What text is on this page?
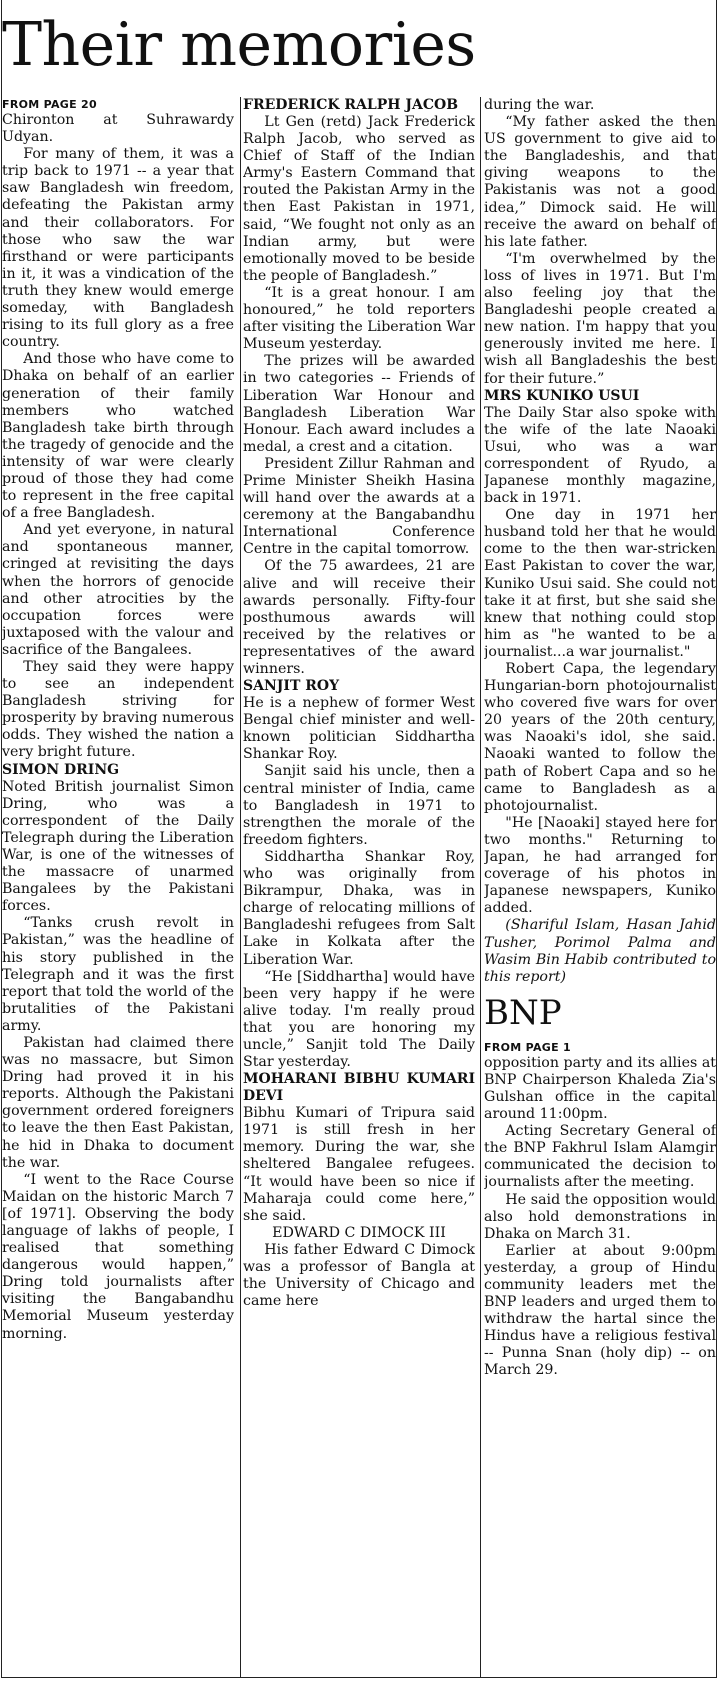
Their memories
FROM PAGE 20

Chironton at Suhrawardy Udyan.

For many of them, it was a trip back to 1971 -- a year that saw Bangladesh win freedom, defeating the Pakistan army and their collaborators. For those who saw the war firsthand or were participants in it, it was a vindication of the truth they knew would emerge someday, with Bangladesh rising to its full glory as a free country.

And those who have come to Dhaka on behalf of an earlier generation of their family members who watched Bangladesh take birth through the tragedy of genocide and the intensity of war were clearly proud of those they had come to represent in the free capital of a free Bangladesh.

And yet everyone, in natural and spontaneous manner, cringed at revisiting the days when the horrors of genocide and other atrocities by the occupation forces were juxtaposed with the valour and sacrifice of the Bangalees.

They said they were happy to see an independent Bangladesh striving for prosperity by braving numerous odds. They wished the nation a very bright future.

SIMON DRING

Noted British journalist Simon Dring, who was a correspondent of the Daily Telegraph during the Liberation War, is one of the witnesses of the massacre of unarmed Bangalees by the Pakistani forces.

“Tanks crush revolt in Pakistan,” was the headline of his story published in the Telegraph and it was the first report that told the world of the brutalities of the Pakistani army.

Pakistan had claimed there was no massacre, but Simon Dring had proved it in his reports. Although the Pakistani government ordered foreigners to leave the then East Pakistan, he hid in Dhaka to document the war.

“I went to the Race Course Maidan on the historic March 7 [of 1971]. Observing the body language of lakhs of people, I realised that something dangerous would happen,” Dring told journalists after visiting the Bangabandhu Memorial Museum yesterday morning.

FREDERICK RALPH JACOB

Lt Gen (retd) Jack Frederick Ralph Jacob, who served as Chief of Staff of the Indian Army's Eastern Command that routed the Pakistan Army in the then East Pakistan in 1971, said, “We fought not only as an Indian army, but were emotionally moved to be beside the people of Bangladesh.”

“It is a great honour. I am honoured,” he told reporters after visiting the Liberation War Museum yesterday.

The prizes will be awarded in two categories -- Friends of Liberation War Honour and Bangladesh Liberation War Honour. Each award includes a medal, a crest and a citation.

President Zillur Rahman and Prime Minister Sheikh Hasina will hand over the awards at a ceremony at the Bangabandhu International Conference Centre in the capital tomorrow.

Of the 75 awardees, 21 are alive and will receive their awards personally. Fifty-four posthumous awards will received by the relatives or representatives of the award winners.

SANJIT ROY

He is a nephew of former West Bengal chief minister and well-known politician Siddhartha Shankar Roy.

Sanjit said his uncle, then a central minister of India, came to Bangladesh in 1971 to strengthen the morale of the freedom fighters.

Siddhartha Shankar Roy, who was originally from Bikrampur, Dhaka, was in charge of relocating millions of Bangladeshi refugees from Salt Lake in Kolkata after the Liberation War.

“He [Siddhartha] would have been very happy if he were alive today. I'm really proud that you are honoring my uncle,” Sanjit told The Daily Star yesterday.

MOHARANI BIBHU KUMARI DEVI

Bibhu Kumari of Tripura said 1971 is still fresh in her memory. During the war, she sheltered Bangalee refugees. “It would have been so nice if Maharaja could come here,” she said.

EDWARD C DIMOCK III

His father Edward C Dimock was a professor of Bangla at the University of Chicago and came here

during the war.

“My father asked the then US government to give aid to the Bangladeshis, and that giving weapons to the Pakistanis was not a good idea,” Dimock said. He will receive the award on behalf of his late father.

“I'm overwhelmed by the loss of lives in 1971. But I'm also feeling joy that the Bangladeshi people created a new nation. I'm happy that you generously invited me here. I wish all Bangladeshis the best for their future.”

MRS KUNIKO USUI

The Daily Star also spoke with the wife of the late Naoaki Usui, who was a war correspondent of Ryudo, a Japanese monthly magazine, back in 1971.

One day in 1971 her husband told her that he would come to the then war-stricken East Pakistan to cover the war, Kuniko Usui said. She could not take it at first, but she said she knew that nothing could stop him as "he wanted to be a journalist...a war journalist."

Robert Capa, the legendary Hungarian-born photojournalist who covered five wars for over 20 years of the 20th century, was Naoaki's idol, she said. Naoaki wanted to follow the path of Robert Capa and so he came to Bangladesh as a photojournalist.

"He [Naoaki] stayed here for two months." Returning to Japan, he had arranged for coverage of his photos in Japanese newspapers, Kuniko added.

(Shariful Islam, Hasan Jahid Tusher, Porimol Palma and Wasim Bin Habib contributed to this report)

BNP
FROM PAGE 1

opposition party and its allies at BNP Chairperson Khaleda Zia's Gulshan office in the capital around 11:00pm.

Acting Secretary General of the BNP Fakhrul Islam Alamgir communicated the decision to journalists after the meeting.

He said the opposition would also hold demonstrations in Dhaka on March 31.

Earlier at about 9:00pm yesterday, a group of Hindu community leaders met the BNP leaders and urged them to withdraw the hartal since the Hindus have a religious festival -- Punna Snan (holy dip) -- on March 29.
